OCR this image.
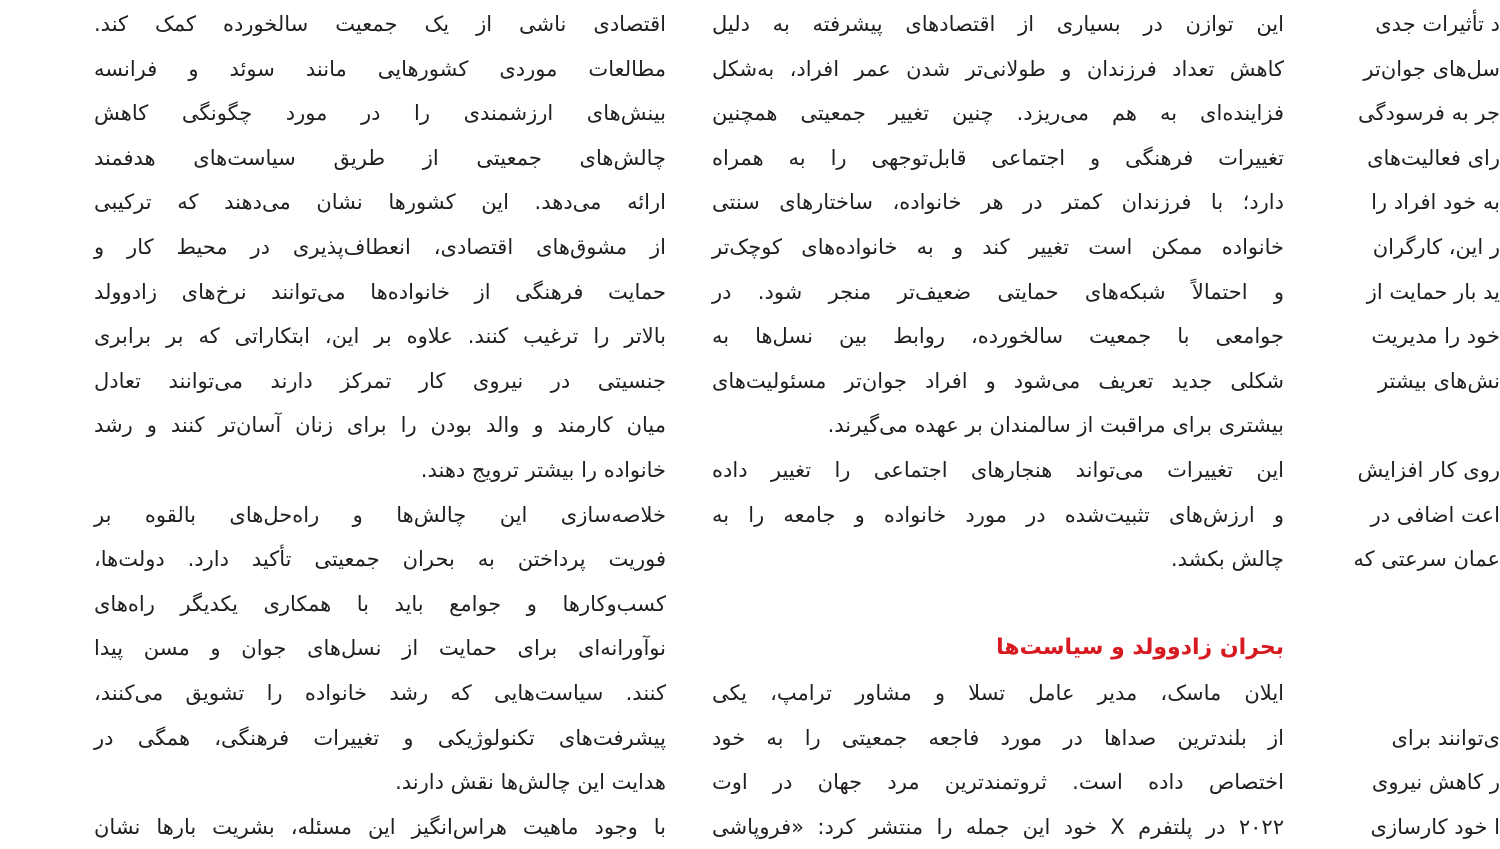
اقتصادی ناشی از یک جمعیت سالخورده کمک کند.
مطالعات موردی کشورهایی مانند سوئد و فرانسه
بینش‌های ارزشمندی را در مورد چگونگی کاهش
چالش‌های جمعیتی از طریق سیاست‌های هدفمند
ارائه می‌دهد. این کشورها نشان می‌دهند که ترکیبی
از مشوق‌های اقتصادی، انعطاف‌پذیری در محیط کار و
حمایت فرهنگی از خانواده‌ها می‌توانند نرخ‌های زادوولد
بالاتر را ترغیب کنند. علاوه بر این، ابتکاراتی که بر برابری
جنسیتی در نیروی کار تمرکز دارند می‌توانند تعادل
میان کارمند و والد بودن را برای زنان آسان‌تر کنند و رشد
خانواده را بیشتر ترویج دهند.
خلاصه‌سازی این چالش‌ها و راه‌حل‌های بالقوه بر
فوریت پرداختن به بحران جمعیتی تأکید دارد. دولت‌ها،
کسب‌وکارها و جوامع باید با همکاری یکدیگر راه‌های
نوآورانه‌ای برای حمایت از نسل‌های جوان و مسن پیدا
کنند. سیاست‌هایی که رشد خانواده را تشویق می‌کنند،
پیشرفت‌های تکنولوژیکی و تغییرات فرهنگی، همگی در
هدایت این چالش‌ها نقش دارند.
با وجود ماهیت هراس‌انگیز این مسئله، بشریت بارها نشان
این توازن در بسیاری از اقتصادهای پیشرفته به دلیل
کاهش تعداد فرزندان و طولانی‌تر شدن عمر افراد، به‌شکل
فزاینده‌ای به هم می‌ریزد. چنین تغییر جمعیتی همچنین
تغییرات فرهنگی و اجتماعی قابل‌توجهی را به همراه
دارد؛ با فرزندان کمتر در هر خانواده، ساختارهای سنتی
خانواده ممکن است تغییر کند و به خانواده‌های کوچک‌تر
و احتمالاً شبکه‌های حمایتی ضعیف‌تر منجر شود. در
جوامعی با جمعیت سالخورده، روابط بین نسل‌ها به
شکلی جدید تعریف می‌شود و افراد جوان‌تر مسئولیت‌های
بیشتری برای مراقبت از سالمندان بر عهده می‌گیرند.
این تغییرات می‌تواند هنجارهای اجتماعی را تغییر داده
و ارزش‌های تثبیت‌شده در مورد خانواده و جامعه را به
چالش بکشد.
بحران زادوولد و سیاست‌ها
ایلان ماسک، مدیر عامل تسلا و مشاور ترامپ، یکی
از بلندترین صداها در مورد فاجعه جمعیتی را به خود
اختصاص داده است. ثروتمندترین مرد جهان در اوت
۲۰۲۲ در پلتفرم X خود این جمله را منتشر کرد: «فروپاشی
د تأثیرات جدی
سل‌های جوان‌تر
جر به فرسودگی
رای فعالیت‌های
به خود افراد را
ر این، کارگران
ید بار حمایت از
خود را مدیریت
نش‌های بیشتر
روی کار افزایش
اعت اضافی در
عمان سرعتی که
ی‌توانند برای
ر کاهش نیروی
ا خود کارسازی
